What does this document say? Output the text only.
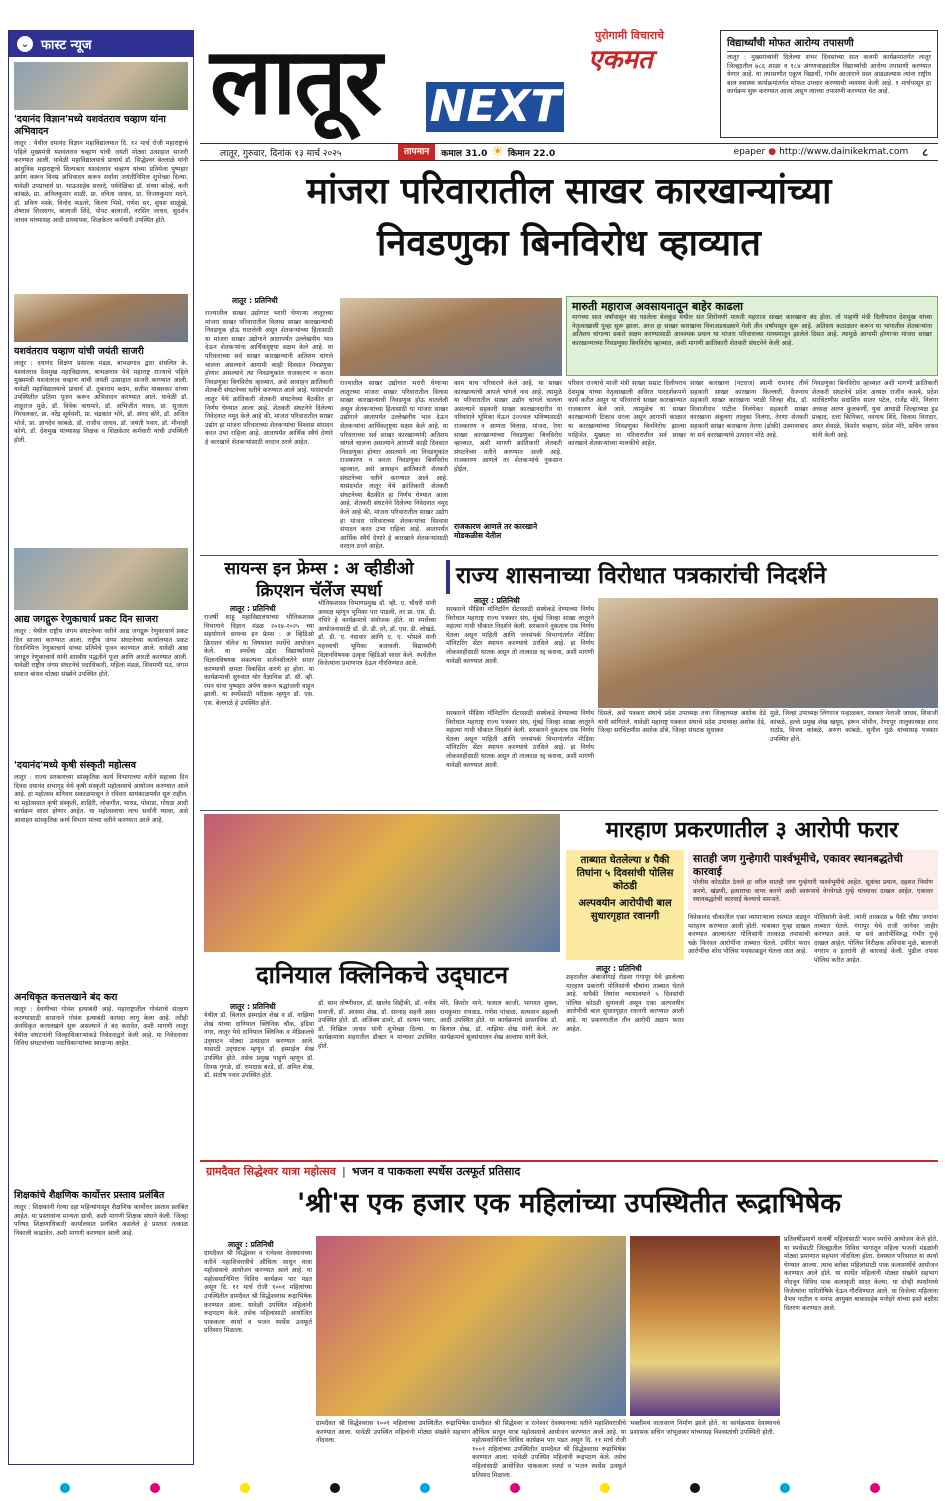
⌄ फास्ट न्यूज
'दयानंद विज्ञान'मध्ये यशवंतराव चव्हाण यांना अभिवादन
लातूर : येथील दयानंद विज्ञान महाविद्यालयात दि. १२ मार्च रोजी महाराष्ट्राचे पहिले मुख्यमंत्री यशवंतराव चव्हाण यांची जयंती मोठ्या उत्साहात साजरी करण्यात आली. यावेळी महाविद्यालयाचे प्राचार्य डॉ. सिद्धेश्वर बेल्लाळे यांनी आधुनिक महाराष्ट्राचे शिल्पकार यशवंतराव चव्हाण यांच्या प्रतिमेला पुष्पहार अर्पण करून विनम्र अभिवादन करून सर्वांना जयंतीनिमित्त शुभेच्छा दिल्या. यावेळी उपप्राचार्य प्रा. भाऊसाहेब सरवदे, पर्यवेक्षिका डॉ. संध्या कोल्हे, कनी कांबळे, प्रा. अनिलकुमार माळी, प्रा. वनिता जाधव, प्रा. विजयकुमार मदने, डॉ. प्रविण मस्के, विनोद फडतरे, किरण भिसे, गणेश सर, सुयश साळुंखे, शेषराव शिरसागर, बालाजी शिंदे, पोपट बालाजी, नरसिंग जाधव, सुदर्शन जाधव यांच्यासह आदी प्राध्यापक, शिक्षकेतर कर्मचारी उपस्थित होते.
यशवंतराव चव्हाण यांची जयंती साजरी
लातूर : दयानंद शिक्षण प्रसारक मंडळ, बाभळगाव द्वारा संचलित के. यशवंतराव देशमुख महाविद्यालय, बाभळगाव येथे महाराष्ट्र राज्याचे पहिले मुख्यमंत्री यशवंतराव चव्हाण यांची जयंती उत्साहात साजरी करण्यात आली. यावेळी महाविद्यालयाचे प्राचार्य डॉ. तुकाराम कदम, सतीश याबसकर यांच्या उपस्थितीत प्रतिमा पूजन करून अभिवादन करण्यात आले. यावेळी डॉ. शाहूराज मुळे, डॉ. विवेक वाघमारे, डॉ. अभिजीत यादव, प्रा. सुजाता गिरवलकर, प्रा. नरेंद्र सूर्यवंशी, प्रा. चंद्रकांत भोरे, डॉ. अंगद कोरे, डॉ. अजित भोजे, प्रा. ज्ञानदेव कांबळे, डॉ. राजीव जाधव, डॉ. जयंती पवार, डॉ. मीनाक्षी कोणे, डॉ. देशमुख यांच्यासह शिक्षक व शिक्षकेतर कर्मचारी यांची उपस्थिती होती.
आद्य जगद्गुरू रेणुकाचार्य प्रकट दिन साजरा
लातूर : येथील राष्ट्रीय जंगम संघटनेच्या वतीने आद्य जगद्गुरू रेणुकाचार्य प्रकट दिन साजरा करण्यात आला. राष्ट्रीय जंगम संघटनेच्या कार्यालयात प्रकट दिनानिमित्त रेणुकाचार्य यांच्या प्रतिमेचे पूजन करण्यात आले. यावेळी आद्य जगद्गुरु रेणुकाचार्य यांनी शास्त्रीय पद्धतीने पूजा आणि आरती करण्यात आली. यावेळी राष्ट्रीय जंगम संघटनेचे पदाधिकारी, महिला मंडळ, शिवमणी मठ, जंगम समाज बांधव मोठ्या संख्येने उपस्थित होते.
'दयानंद'मध्ये कृषी संस्कृती महोत्सव
लातूर : राज्य सरकारच्या सांस्कृतिक कार्य विभागाच्या वतीने सहाव्या दिन दिवस दयानंद सभागृह येथे कृषी संस्कृती महोत्सवाचे आयोजन करण्यात आले आहे. हा महोत्सव शनिवार सकाळपासून ते रविवार सायंकाळपर्यंत सुरु राहील. या महोत्सवात कृषी संस्कृती, शाहिरी, लोकगीत, भारुड, पोवाडा, गोंधळ आदी कार्यक्रम सादर होणार आहेत. या महोत्सवाचा लाभ सर्वांनी घ्यावा, असे आवाहन सांस्कृतिक कार्य विभाग यांच्या वतीने करण्यात आले आहे.
अनधिकृत कत्तलखाने बंद करा
लातूर : देवणीच्या गोवंश हत्याबंदी आहे. महाराष्ट्रातील गोवंशाचे संरक्षण करण्यासाठी शासनाने गोवंश हत्याबंदी कायदा लागू केला आहे. तरीही अनधिकृत कत्तलखाने सुरू असल्याने ते बंद करावेत, अशी मागणी लातूर येथील संघटनांनी जिल्हाधिकाऱ्यांकडे निवेदनाद्वारे केली आहे. या निवेदनावर विविध संघटनांच्या पदाधिकाऱ्यांच्या स्वाक्षऱ्या आहेत.
शिक्षकांचे शैक्षणिक कार्योत्तर प्रस्ताव प्रलंबित
लातूर : शिक्षकांनी गेल्या दहा महिन्यांपासून शैक्षणिक कार्योत्तर प्रस्ताव प्रलंबित आहेत. या प्रस्तावांना मान्यता द्यावी, अशी मागणी शिक्षक संघाने केली. जिल्हा परिषद शिक्षणाधिकारी कार्यालयात प्रलंबित असलेले हे प्रस्ताव तत्काळ निकाली काढावेत, अशी मागणी करण्यात आली आहे.
लातूर	पुरोगामी विचाराचे
एकमत
NEXT
विद्यार्थ्यांची मोफत आरोग्य तपासणी
लातूर : मुख्यमंत्र्यांनी दिलेल्या शंभर दिवसांच्या सात कलमी कार्यक्रमांतर्गत लातूर जिल्ह्यातील ७८६ शाळा व १८४ अंगणवाड्यांतील विद्यार्थ्यांची आरोग्य तपासणी करण्यात येणार आहे. या तपासणीत एकूण विद्यार्थी, गंभीर आजाराने ग्रस्त आढळल्यास त्यांना राष्ट्रीय बाल स्वास्थ्य कार्यक्रमांतर्गत मोफत उपचार करण्याची व्यवस्था केली आहे. १ मार्चपासून हा कार्यक्रम सुरू करण्यात आला असून त्याच्या तपासणी करण्यात येत आहे.
लातूर, गुरुवार, दिनांक १३ मार्च २०२५	तापमान	कमाल 31.0 ☀ किमान 22.0	epaper ● http://www.dainikekmat.com ८
मांजरा परिवारातील साखर कारखान्यांच्या
निवडणुका बिनविरोध व्हाव्यात
लातूर : प्रतिनिधी
राज्यातील साखर उद्योगात भरारी घेणाऱ्या लातूरच्या मांजरा साखर परिवारातील विलास साखर कारखान्याची निवडणूक होऊ घातलेली असून शेतकऱ्यांच्या हितासाठी या मांजरा साखर उद्योगाने आतापर्यंत उल्लेखनीय भाव देऊन शेतकऱ्यांना आर्थिकदृष्ट्या सक्षम केले आहे. या परिवाराच्या सर्व साखर कारखान्यांनी अतिशय चांगले चालना असल्याने आगामी काही दिवसात निवडणुका होणार असल्याने त्या निवडणुकांत राजकारण न करता निवडणुका बिनविरोध व्हाव्यात, असे आवाहन क्रांतिकारी शेतकरी संघटनेच्या वतीने करण्यात आले आहे. यासंदर्भात लातूर येथे क्रांतिकारी शेतकरी संघटनेच्या बैठकीत हा निर्णय घेण्यात आला आहे. शेतकरी संघटनेने दिलेल्या निवेदनात नमूद केले आहे की, मांजरा परिवारातील साखर उद्योग हा मांजरा परिवाराच्या शेतकऱ्यांचा विश्वास संपादन करत उभा राहिला आहे. आतापर्यंत आर्थिक स्थैर्य देणारे हे कारखाने शेतकऱ्यांसाठी वरदान ठरले आहेत.
राज्यातील साखर उद्योगात भरारी घेणाऱ्या लातूरच्या मांजरा साखर परिवारातील विलास साखर कारखान्याची निवडणूक होऊ घातलेली असून शेतकऱ्यांच्या हितासाठी या मांजरा साखर उद्योगाने आतापर्यंत उल्लेखनीय भाव देऊन शेतकऱ्यांना आर्थिकदृष्ट्या सक्षम केले आहे. या परिवाराच्या सर्व साखर कारखान्यांनी अतिशय चांगले चालना असल्याने आगामी काही दिवसात निवडणुका होणार असल्याने त्या निवडणुकांत राजकारण न करता निवडणुका बिनविरोध व्हाव्यात, असे आवाहन क्रांतिकारी शेतकरी संघटनेच्या वतीने करण्यात आले आहे. यासंदर्भात लातूर येथे क्रांतिकारी शेतकरी संघटनेच्या बैठकीत हा निर्णय घेण्यात आला आहे. शेतकरी संघटनेने दिलेल्या निवेदनात नमूद केले आहे की, मांजरा परिवारातील साखर उद्योग हा मांजरा परिवाराच्या शेतकऱ्यांचा विश्वास संपादन करत उभा राहिला आहे. आतापर्यंत आर्थिक स्थैर्य देणारे हे कारखाने शेतकऱ्यांसाठी वरदान ठरले आहेत.
काम याच परिवाराने केले आहे. या साखर कारखान्यांची आपले चांगले नाव आहे. त्यामुळे या परिवारातील साखर उद्योग चांगले चालला असल्याने सहकारी साखर कारखानदारीत या परिवाराने भूमिका घेऊन उज्ज्वल भविष्यासाठी राजकारण न आणता विलास, मांजरा, रेणा साखर कारखान्यांच्या निवडणुका बिनविरोध व्हाव्यात, अशी मागणी क्रांतिकारी शेतकरी संघटनेच्या वतीने करण्यात आली आहे. राजकारण आणले तर शेतकऱ्यांचे नुकसान होईल.
राजकारण आणले तर कारखाने मोडकळीस येतील
मारुती महाराज अवसायनातून बाहेर काढला
मागच्या सात वर्षांपासून बंद पडलेला बेलकुंड येथील संत शिरोमणी मारुती महाराज साखर कारखाना बंद होता. तो पाहणी मंत्री दिलीपराव देशमुख यांच्या नेतृत्वाखाली पुन्हा सुरू झाला. आज हा साखर कारखाना विनाअडथळ्याने गेली तीन वर्षांपासून सुरू आहे. अतिशय कठाळतर करून या भागातील शेतकऱ्यांना अतिशय चांगल्या प्रकारे सक्षम करण्यासाठी आवश्यक प्रयत्न या मांजरा परिवाराच्या माध्यमातून झालेले दिसत आहे. त्यामुळे आगामी होणाऱ्या मांजरा साखर कारखान्याच्या निवडणुका बिनविरोध व्हाव्यात, अशी मागणी क्रांतिकारी शेतकरी संघटनेने केली आहे.
परिवार राज्याचे माजी मंत्री साखर सम्राट दिलीपराव देशमुख यांच्या नेतृत्वाखाली अविरत पारदर्शकपणे कार्य करीत असून या परिवाराचे साखर कारखान्यात राजकारण केले जाते. त्यामुळेच या साखर कारखान्यांनी टिकाव धरला असून आगामी काळात या कारखान्यांच्या निवडणुका बिनविरोध झाल्या पाहिजेत. मुख्यतः या परिवारातील सर्व साखर कारखाने शेतकऱ्यांच्या मालकीचे आहेत.
साखर कारखाना (नटराज) स्वामी रामानंद तीर्थ सहकारी साखर कारखाना किल्लारी, वैजनाथ सहकारी साखर कारखाना परळी जिल्हा बीड, डॉ. शिवाजीराव पाटील निलंगेकर सहकारी साखर कारखाना अंबुलगा तालुका निलंगा, तेरणा शेतकरी सहकारी साखर कारखाना तेरणा (ढोकी) उस्मानाबाद या सर्व कारखान्यांचे उत्पादन मोठे आहे.
निवडणुका बिनविरोध व्हाव्यात अशी मागणी क्रांतिकारी शेतकरी संघटनेचे प्रदेश अध्यक्ष राजीव कसबे, प्रदेश सरचिटणीस सदाशिव सातर पटेल, राजेंद्र मोरे, निलंगा अध्यक्ष अरुण कुलकर्णी, युवा आघाडी जिल्हाध्यक्ष हुड प्रल्हाद, दत्ता किनिकर, नवनाथ शिंदे, विलास विरादार, अमर शेवाळे, किशोर चव्हाण, संदेश मोरे, सचिन जाधव यांनी केली आहे.
सायन्स इन फ्रेम्स : अ व्हीडीओ
क्रिएशन चॅलेंज स्पर्धा
लातूर : प्रतिनिधी
राजर्षी शाहू महाविद्यालयाच्या भौतिकशास्त्र विभागाने विज्ञान मंडळ २०२४-२०२५ च्या सहयोगाने सायन्स इन फ्रेम्स : अ व्हिडिओ क्रिएशन चॅलेंज या विषयावर स्पर्धेचे आयोजन केले. या स्पर्धेचा उद्देश विद्यार्थ्यांमध्ये विज्ञानविषयक संकल्पना सर्जनशीलतेने सादर करण्याची क्षमता विकसित करणे हा होता. या कार्यक्रमाची सुरुवात थोर वैज्ञानिक डॉ. सी. व्ही. रमन यांना पुष्पहार अर्पण करून श्रद्धांजली वाहून झाली. या स्पर्धेसाठी परीक्षक म्हणून डॉ. एस. एस. बेल्लाळे हे उपस्थित होते.
भौतिकशास्त्र विभागप्रमुख डॉ. व्ही. ए. चौधरी यांनी अध्यक्ष म्हणून भूमिका पार पाडली, तर प्रा. एस. डी. गंभिरे हे कार्यक्रमाचे संयोजक होते. या स्पर्धेच्या आयोजनासाठी डॉ. डी. डी. दरे, डॉ. एस. डी. लोखंडे, डॉ. डी. ए. नंदावार आणि ए. ए. भोसले यांनी महत्त्वाची भूमिका बजावली. विद्यार्थ्यांनी विज्ञानविषयक उत्कृष्ट व्हिडिओ सादर केले. स्पर्धेतील विजेत्यांना प्रमाणपत्र देऊन गौरविण्यात आले.
राज्य शासनाच्या विरोधात पत्रकारांची निदर्शने
लातूर : प्रतिनिधी
सरकारने मीडिया मॉनिटरिंग सेंटरसाठी संस्थेकडे देण्याच्या निर्णय विरोधात महाराष्ट्र राज्य पत्रकार संघ, मुंबई जिल्हा शाखा लातूरने महात्मा गांधी चौकात निदर्शने केली. सरकारने नुकताच एक निर्णय घेतला असून माहिती आणि जनसंपर्क विभागांतर्गत मीडिया मॉनिटरिंग सेंटर स्थापन करण्याचे ठरविले आहे. हा निर्णय लोकशाहीसाठी घातक असून तो तात्काळ रद्द करावा, अशी मागणी यावेळी करण्यात आली.
सरकारने मीडिया मॉनिटरिंग सेंटरसाठी संस्थेकडे देण्याच्या निर्णय विरोधात महाराष्ट्र राज्य पत्रकार संघ, मुंबई जिल्हा शाखा लातूरने महात्मा गांधी चौकात निदर्शने केली. सरकारने नुकताच एक निर्णय घेतला असून माहिती आणि जनसंपर्क विभागांतर्गत मीडिया मॉनिटरिंग सेंटर स्थापन करण्याचे ठरविले आहे. हा निर्णय लोकशाहीसाठी घातक असून तो तात्काळ रद्द करावा, अशी मागणी यावेळी करण्यात आली.
दिसले, असे पत्रकार संघाचे प्रदेश उपाध्यक्ष तथा जिल्हाध्यक्ष अशोक देडे यांनी सांगितले. यावेळी महाराष्ट्र पत्रकार संघाचे प्रदेश उपाध्यक्ष अशोक देडे, जिल्हा सरचिटणीस अशोक डोंबे, जिल्हा संघटक सुधाकर
मुळे, जिल्हा उपाध्यक्ष लिंगराज पन्हाळकर, पत्रकार नेताजी जाधव, शिवाजी कांबळे, हल्ले प्रमुख शेख खयूम, हरून मोमीन, रेणापूर तालुकाध्यक्ष शरद राठोड, विजय कांबळे, अरुण कांबळे, सुनील मुळे यांच्यासह पत्रकार उपस्थित होते.
दानियाल क्लिनिकचे उद्‌घाटन
लातूर : प्रतिनिधी
येथील डॉ. बिलाल इस्माईल शेख व डॉ. नाझिया शेख यांच्या दानियाल क्लिनिक चौक, इंडिया नगर, लातूर येथे दानियाल क्लिनिक व मेडिकलचे उद्‌घाटन मोठ्या उत्साहात करण्यात आले. यासाठी उद्‌घाटक म्हणून डॉ. इस्माईल शेख उपस्थित होते. तसेच प्रमुख पाहुणे म्हणून डॉ. दिपक गुगळे, डॉ. रामदास बरडे, डॉ. अमित शेख, डॉ. संतोष पवार उपस्थित होते.
डॉ. साम तोष्णीवाल, डॉ. खालेद सिद्दीकी, डॉ. नवीद सनाजी, डॉ. आसमा शेख, डॉ. सरनाह सहनी असर उपस्थित होते. डॉ. अजिंक्य डावरे, डॉ. सत्यम पवार, डॉ. निखिल जाधव यांनी शुभेच्छा दिल्या. या कार्यक्रमाला शहरातील डॉक्टर व मान्यवर उपस्थित होते.
मोरे, किशोर माने, फलाल काजी, भागवत शुक्ल, रामकुमार रायवाड, गणेश पांचाळ, सत्यवान सहल्ली आदी उपस्थित होते. या कार्यक्रमाचे प्रास्ताविक डॉ. बिलाल शेख, डॉ. नाझिया शेख यांनी केले. तर कार्यक्रमाचे सूत्रसंचालन शेख अल्ताफ यांनी केले.
मारहाण प्रकरणातील ३ आरोपी फरार
ताब्यात घेतलेल्या ४ पैकी तिघांना ५ दिवसांची पोलिस कोठडी
अल्पवयीन आरोपीची बाल सुधारगृहात रवानगी
सातही जण गुन्हेगारी पार्श्वभूमीचे, एकावर स्थानबद्धतेची कारवाई
पोलीस कोठडीत ठेवले हा वरील सातही जण गुन्हेगारी पार्श्वभूमीचे आहेत. सूत्रांचा प्रयत्न, दहशत निर्माण करणे, खंडणी, हत्याराचा वापर करणे आदी स्वरूपाचे वेगवेगळे गुन्हे यांच्यावर दाखल आहेत. एकावर स्थानबद्धतेची कारवाई केल्याचे समजते.
लातूर : प्रतिनिधी
शहरातील अंबाजोगाई रोडवर गंगापूर येथे झालेल्या मारहाण प्रकरणी पोलिसांनी चौघांना ताब्यात घेतले आहे. यापैकी तिघांना न्यायालयाने ५ दिवसांची पोलिस कोठडी सुनावली असून एका अल्पवयीन आरोपीची बाल सुधारगृहात रवानगी करण्यात आली आहे. या प्रकरणातील तीन आरोपी अद्याप फरार आहेत.
विवेकानंद चौकातील एका व्यापाऱ्याला रस्त्यात अडवून मारहाण करण्यात आली होती. याबाबत गुन्हा दाखल करण्यात आल्यानंतर पोलिसांनी तात्काळ तपासाची चक्रे फिरवत आरोपींना ताब्यात घेतले. उर्वरित फरार आरोपींचा शोध पोलिस पथकाकडून घेतला जात आहे.
पोलिसांनी केली. त्यांनी तात्काळ ७ पैकी चौघा जणांना ताब्यात घेतले. गंगापूर येथे राजी जागेवर जाहीर करण्यात आले. या सर्व आरोपींविरुद्ध गंभीर गुन्हे दाखल आहेत. पोलिस निरीक्षक अविनाश मुळे, बालाजी नगराप व इतरांनी ही कारवाई केली. पुढील तपास पोलिस करीत आहेत.
ग्रामदैवत सिद्धेश्वर यात्रा महोत्सव | भजन व पाककला स्पर्धेस उत्स्फूर्त प्रतिसाद
'श्री'स एक हजार एक महिलांच्या उपस्थितीत रूद्राभिषेक
लातूर : प्रतिनिधी
ग्रामदैवत श्री सिद्धेश्वर व रत्नेश्वर देवस्थानच्या वतीने महाशिवरात्रीचे औचित्य साधून यात्रा महोत्सवाचे आयोजन करण्यात आले आहे. या महोत्सवानिमित्त विविध कार्यक्रम पार पडत असून दि. ११ मार्च रोजी १००१ महिलांच्या उपस्थितीत ग्रामदैवत श्री सिद्धेश्वरास रूद्राभिषेक करण्यात आला. यावेळी उपस्थित महिलांनी रूद्रपठण केले. तसेच महिलांसाठी आयोजित पाककला स्पर्धा व भजन स्पर्धेस उत्स्फूर्त प्रतिसाद मिळाला.
ग्रामदैवत श्री सिद्धेश्वरास १००१ महिलांच्या उपस्थितीत रूद्राभिषेक करण्यात आला. यावेळी उपस्थित महिलांनी मोठ्या संख्येने सहभाग नोंदवला.
ग्रामदैवत श्री सिद्धेश्वर व रत्नेश्वर देवस्थानच्या वतीने महाशिवरात्रीचे औचित्य साधून यात्रा महोत्सवाचे आयोजन करण्यात आले आहे. या महोत्सवानिमित्त विविध कार्यक्रम पार पडत असून दि. ११ मार्च रोजी १००१ महिलांच्या उपस्थितीत ग्रामदैवत श्री सिद्धेश्वरास रूद्राभिषेक करण्यात आला. यावेळी उपस्थित महिलांनी रूद्रपठण केले. तसेच महिलांसाठी आयोजित पाककला स्पर्धा व भजन स्पर्धेस उत्स्फूर्त प्रतिसाद मिळाला.
भक्तीमय वातावरण निर्माण झाले होते. या कार्यक्रमास देवस्थानचे प्रशासक सचिन जांभूळकर यांच्यासह विश्वस्तांची उपस्थिती होती.
प्रतिवर्षीप्रमाणे यावर्षी महिलांसाठी भजन स्पर्धेचे आयोजन केले होते. या स्पर्धेसाठी जिल्ह्यातील विविध भागांतून महिला भजनी मंडळांनी मोठ्या प्रमाणात सहभाग नोंदविला होता. देवस्थान परिसरात या स्पर्धा घेण्यात आल्या. त्याच बरोबर महिलांसाठी पाक कलास्पर्धेचे आयोजन करण्यात आले होते. या स्पर्धेत महिलांनी मोठ्या संख्येने सहभाग नोंदवून विविध पाक कलाकृती सादर केल्या. या दोन्ही स्पर्धांमध्ये विजेत्यांना पारितोषिके देऊन गौरविण्यात आले. या विजेत्या महिलांना वैभव पाटील व मनपा आयुक्त बाबासाहेब मनोहरे यांच्या हस्ते बक्षीस वितरण करण्यात आले.
